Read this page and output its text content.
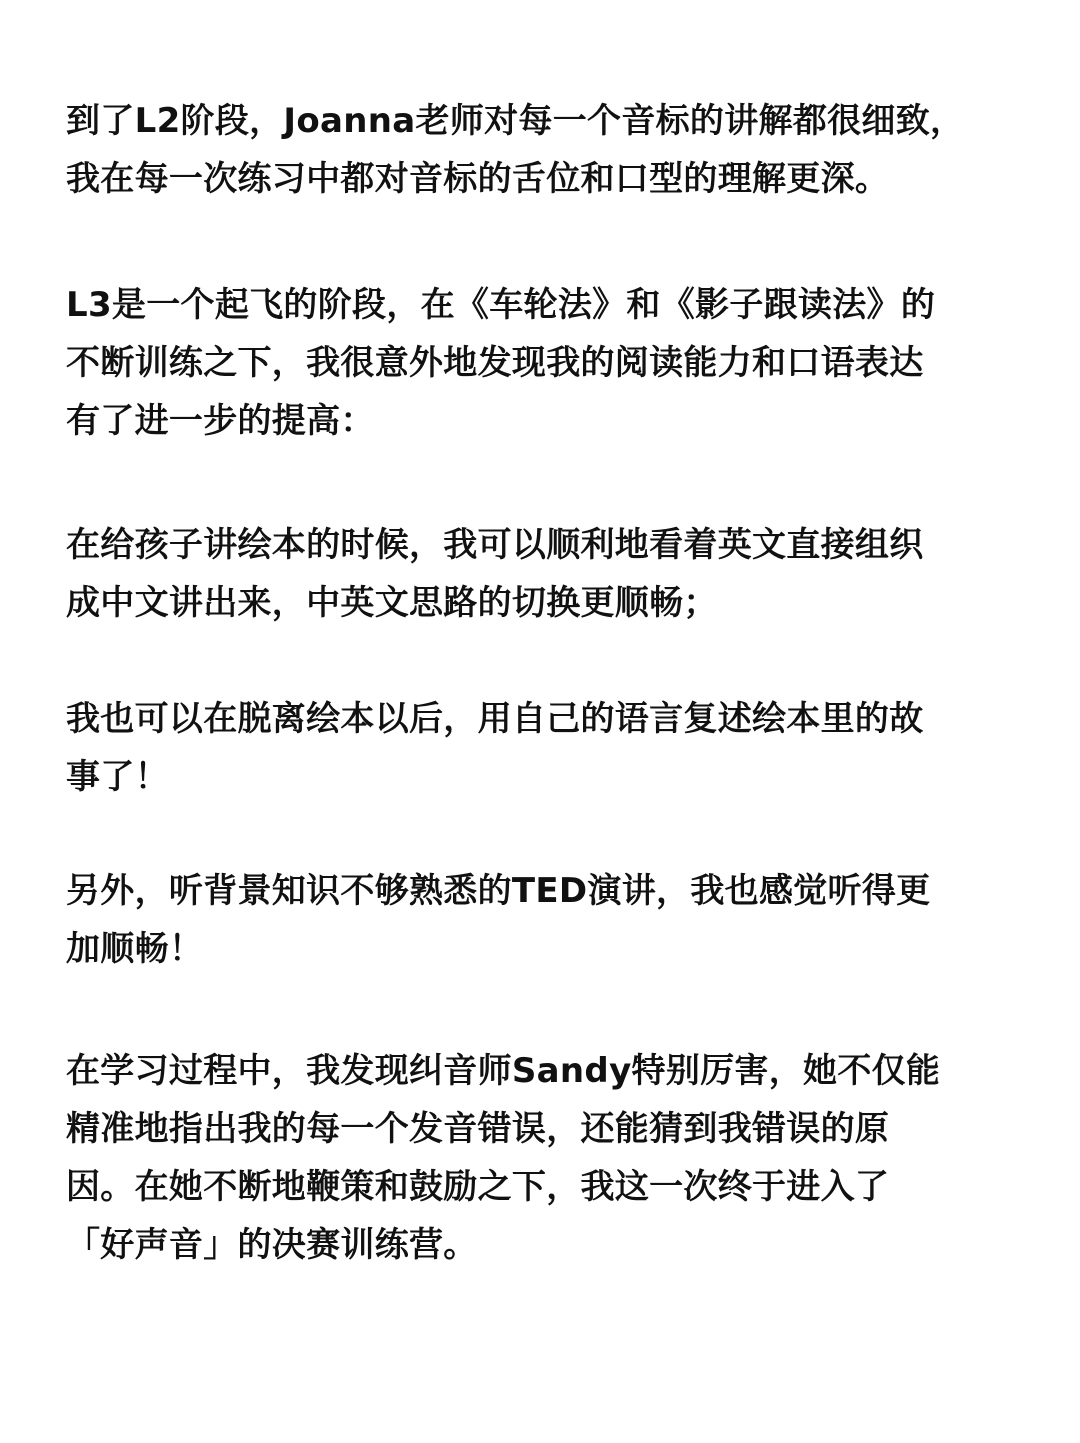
到了L2阶段，Joanna老师对每一个音标的讲解都很细致，
我在每一次练习中都对音标的舌位和口型的理解更深。
L3是一个起飞的阶段，在《车轮法》和《影子跟读法》的
不断训练之下，我很意外地发现我的阅读能力和口语表达
有了进一步的提高：
在给孩子讲绘本的时候，我可以顺利地看着英文直接组织
成中文讲出来，中英文思路的切换更顺畅；
我也可以在脱离绘本以后，用自己的语言复述绘本里的故
事了！
另外，听背景知识不够熟悉的TED演讲，我也感觉听得更
加顺畅！
在学习过程中，我发现纠音师Sandy特别厉害，她不仅能
精准地指出我的每一个发音错误，还能猜到我错误的原
因。在她不断地鞭策和鼓励之下，我这一次终于进入了
「好声音」的决赛训练营。
